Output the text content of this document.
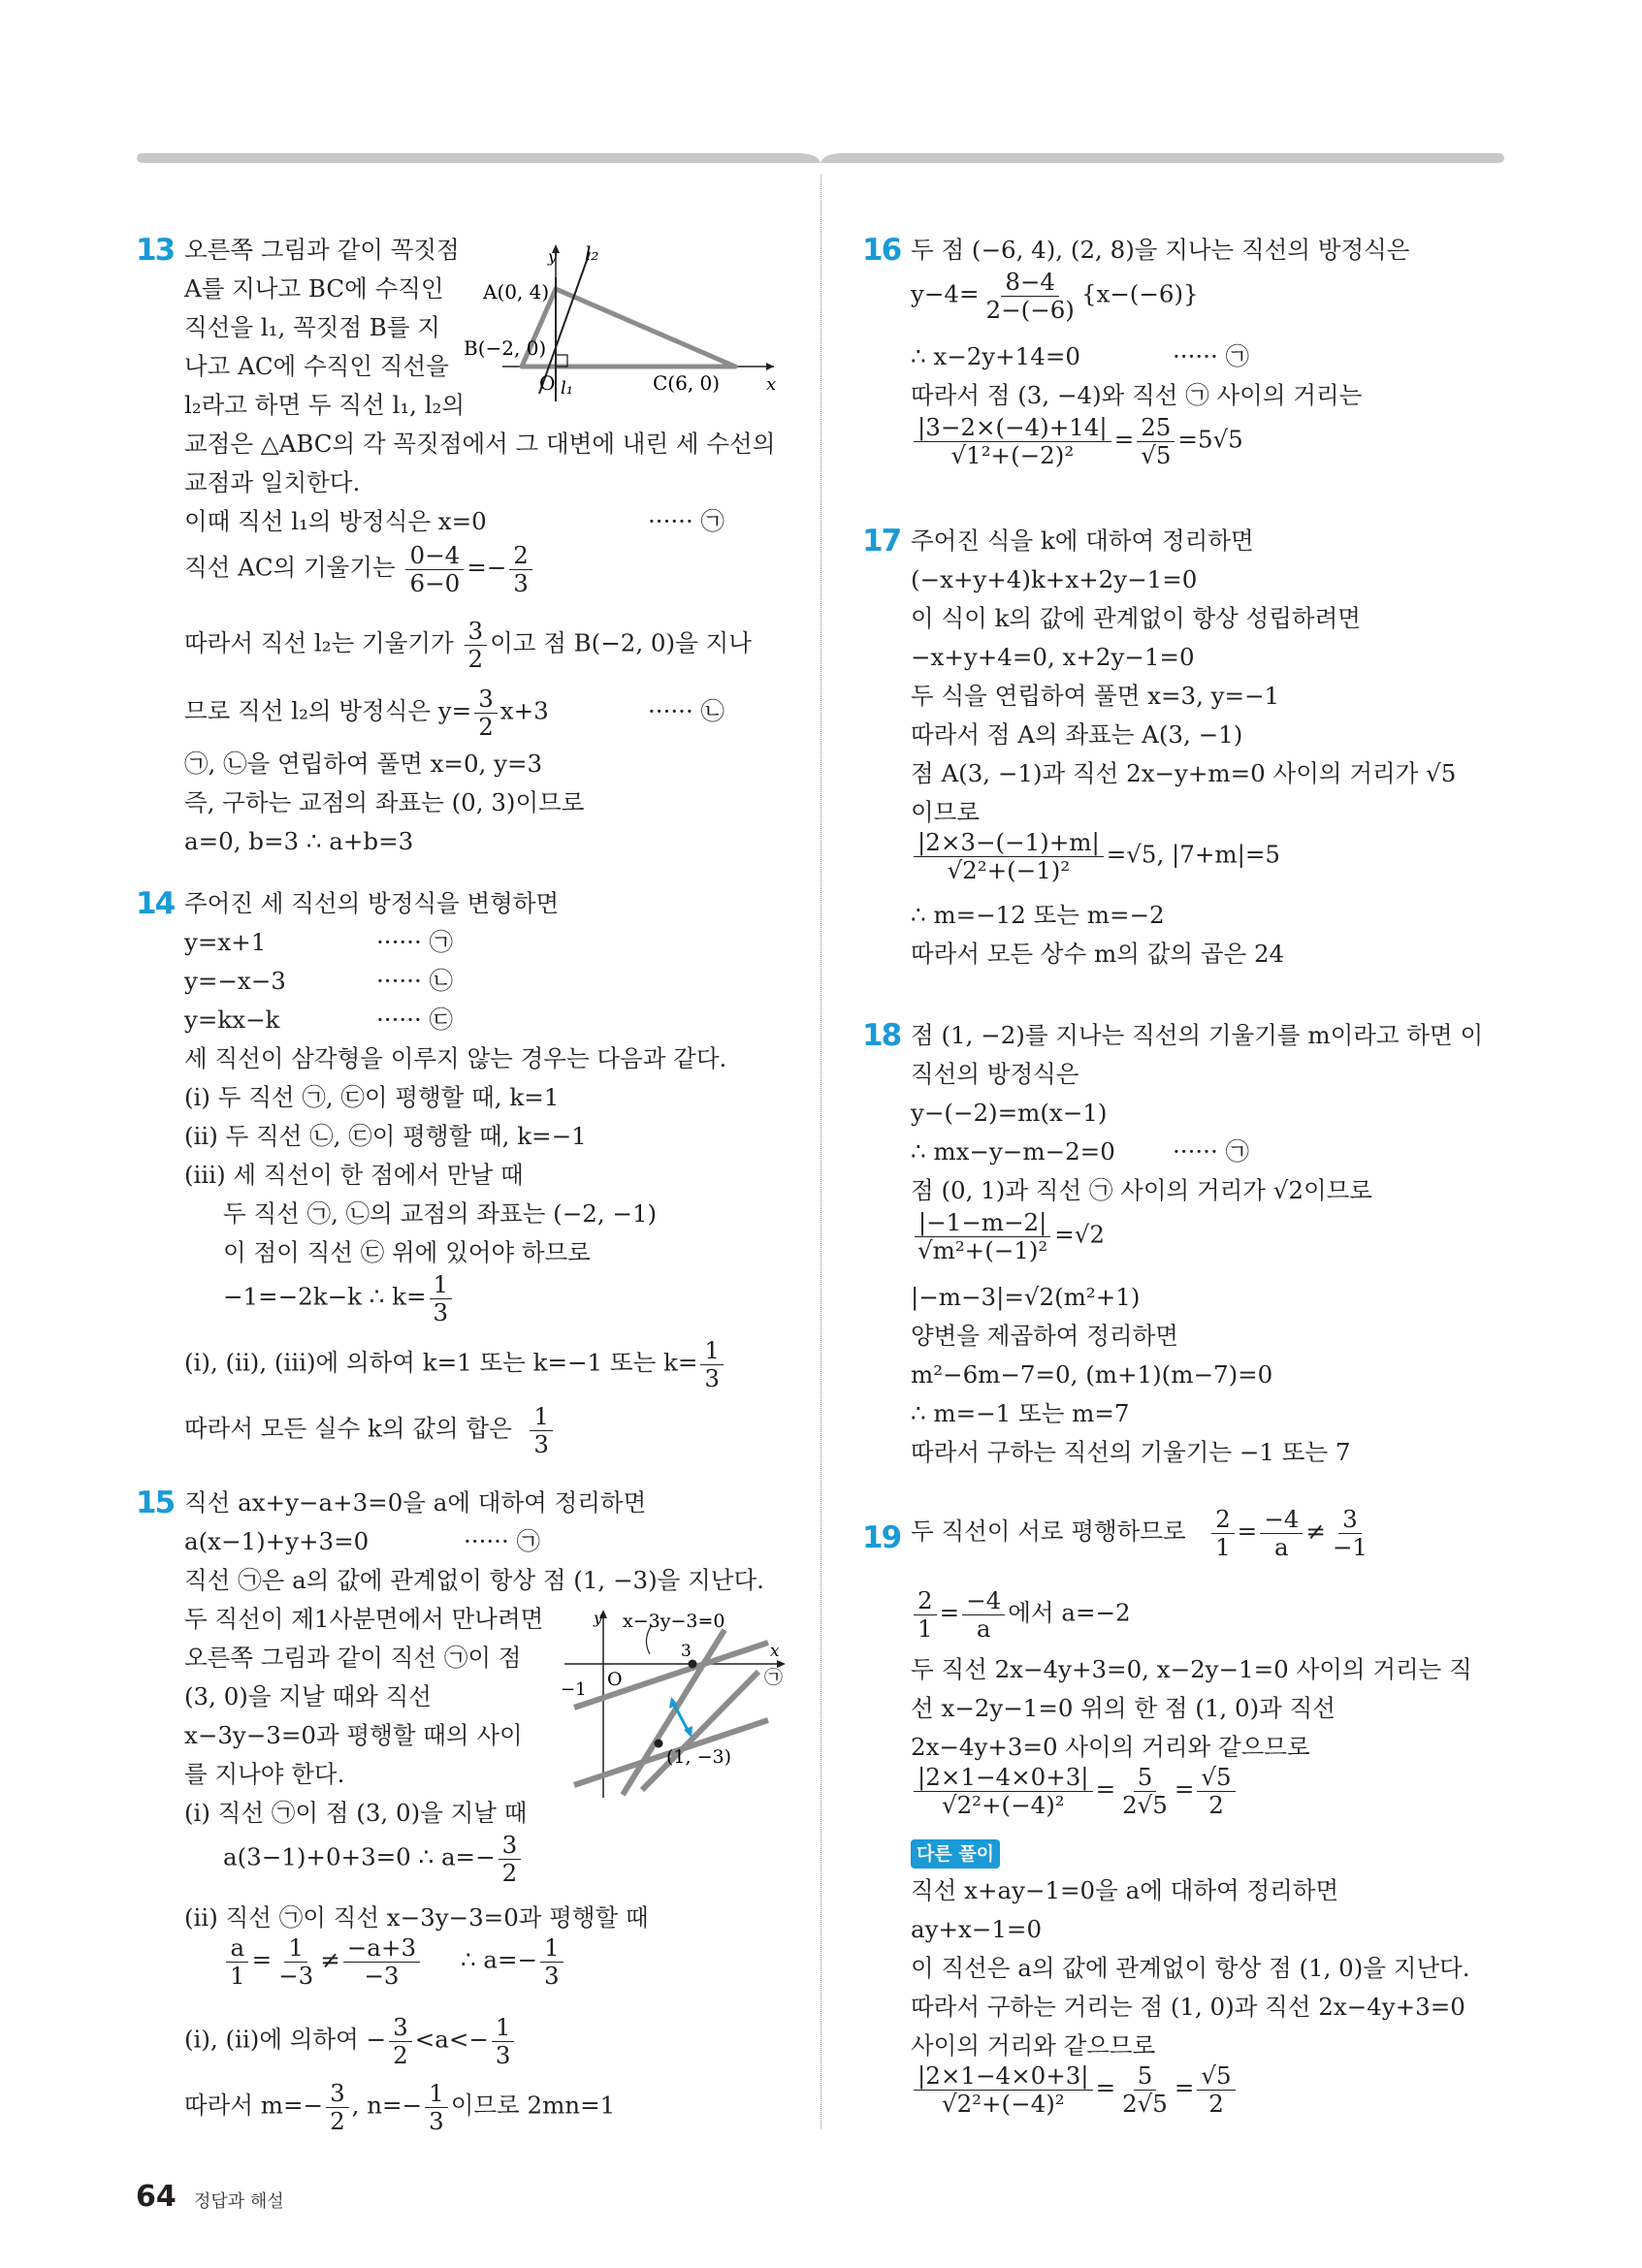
13 오른쪽 그림과 같이 꼭짓점
A를 지나고 BC에 수직인
직선을 l₁, 꼭짓점 B를 지
나고 AC에 수직인 직선을
l₂라고 하면 두 직선 l₁, l₂의
교점은 △ABC의 각 꼭짓점에서 그 대변에 내린 세 수선의
교점과 일치한다.
이때 직선 l₁의 방정식은 x=0	······ ㉠
직선 AC의 기울기는 $\frac{0-4}{6-0} =- \frac{2}{3}$
따라서 직선 l₂는 기울기가 $\frac{3}{2}$ 이고 점 B(−2, 0)을 지나
므로 직선 l₂의 방정식은 $y= \frac{3}{2} x+3$	······ ㉡
㉠, ㉡을 연립하여 풀면 x=0, y=3
즉, 구하는 교점의 좌표는 (0, 3)이므로
a=0, b=3 ∴ a+b=3
y l₂
A(0, 4)
B(−2, 0)
O l₁	C(6, 0)	x
14 주어진 세 직선의 방정식을 변형하면
y=x+1	······ ㉠
y=−x−3	······ ㉡
y=kx−k	······ ㉢
세 직선이 삼각형을 이루지 않는 경우는 다음과 같다.
(ⅰ) 두 직선 ㉠, ㉢이 평행할 때, k=1
(ⅱ) 두 직선 ㉡, ㉢이 평행할 때, k=−1
(ⅲ) 세 직선이 한 점에서 만날 때
두 직선 ㉠, ㉡의 교점의 좌표는 (−2, −1)
이 점이 직선 ㉢ 위에 있어야 하므로
−1=−2k−k ∴ $k= \frac{1}{3}$
(ⅰ), (ⅱ), (ⅲ)에 의하여 k=1 또는 k=−1 또는 $k= \frac{1}{3}$
따라서 모든 실수 k의 값의 합은 $\frac{1}{3}$
15 직선 ax+y−a+3=0을 a에 대하여 정리하면
a(x−1)+y+3=0	······ ㉠
직선 ㉠은 a의 값에 관계없이 항상 점 (1, −3)을 지난다.
두 직선이 제1사분면에서 만나려면
오른쪽 그림과 같이 직선 ㉠이 점
(3, 0)을 지날 때와 직선
x−3y−3=0과 평행할 때의 사이
를 지나야 한다.
(ⅰ) 직선 ㉠이 점 (3, 0)을 지날 때
a(3−1)+0+3=0 ∴ $a=- \frac{3}{2}$
(ⅱ) 직선 ㉠이 직선 x−3y−3=0과 평행할 때
$\frac{a}{1} = \frac{1}{-3} \ne \frac{-a+3}{-3}$ ∴ $a=- \frac{1}{3}$
(ⅰ), (ⅱ)에 의하여 − $\frac{3}{2} <a<- \frac{1}{3}$
따라서 $m=- \frac{3}{2}$ , $n=- \frac{1}{3}$ 이므로 2mn=1
y x−3y−3=0
3	x
O
−1
㉠
(1, −3)
16 두 점 (−6, 4), (2, 8)을 지나는 직선의 방정식은
$y-4= \frac{8-4}{2-(-6)} \{x-(-6)\}$
∴ x−2y+14=0	······ ㉠
따라서 점 (3, −4)와 직선 ㉠ 사이의 거리는
$\frac{|3-2\times(-4)+14|}{\text{√1²+(−2)²}} = \frac{25}{√5} =5√5$
17 주어진 식을 k에 대하여 정리하면
(−x+y+4)k+x+2y−1=0
이 식이 k의 값에 관계없이 항상 성립하려면
−x+y+4=0, x+2y−1=0
두 식을 연립하여 풀면 x=3, y=−1
따라서 점 A의 좌표는 A(3, −1)
점 A(3, −1)과 직선 2x−y+m=0 사이의 거리가 √5
이므로
$\frac{|2\times 3-(-1)+m|}{\text{√2²+(−1)²}} =√5$, |7+m|=5
∴ m=−12 또는 m=−2
따라서 모든 상수 m의 값의 곱은 24
18 점 (1, −2)를 지나는 직선의 기울기를 m이라고 하면 이
직선의 방정식은
y−(−2)=m(x−1)
∴ mx−y−m−2=0 ······ ㉠
점 (0, 1)과 직선 ㉠ 사이의 거리가 √2이므로
$\frac{|-1-m-2|}{\text{√m²+(−1)²}} =√2$
|−m−3|=√2(m²+1)
양변을 제곱하여 정리하면
m²−6m−7=0, (m+1)(m−7)=0
∴ m=−1 또는 m=7
따라서 구하는 직선의 기울기는 −1 또는 7
19 두 직선이 서로 평행하므로 $\frac{2}{1} = \frac{-4}{a} \ne \frac{3}{-1}$
$\frac{2}{1} = \frac{-4}{a}$ 에서 a=−2
두 직선 2x−4y+3=0, x−2y−1=0 사이의 거리는 직
선 x−2y−1=0 위의 한 점 (1, 0)과 직선
2x−4y+3=0 사이의 거리와 같으므로
$\frac{|2\times 1-4\times 0+3|}{\text{√2²+(−4)²}} = \frac{5}{2√5} = \frac{√5}{2}$
다른 풀이
직선 x+ay−1=0을 a에 대하여 정리하면
ay+x−1=0
이 직선은 a의 값에 관계없이 항상 점 (1, 0)을 지난다.
따라서 구하는 거리는 점 (1, 0)과 직선 2x−4y+3=0
사이의 거리와 같으므로
$\frac{|2\times 1-4\times 0+3|}{\text{√2²+(−4)²}} = \frac{5}{2√5} = \frac{√5}{2}$
64 정답과 해설
